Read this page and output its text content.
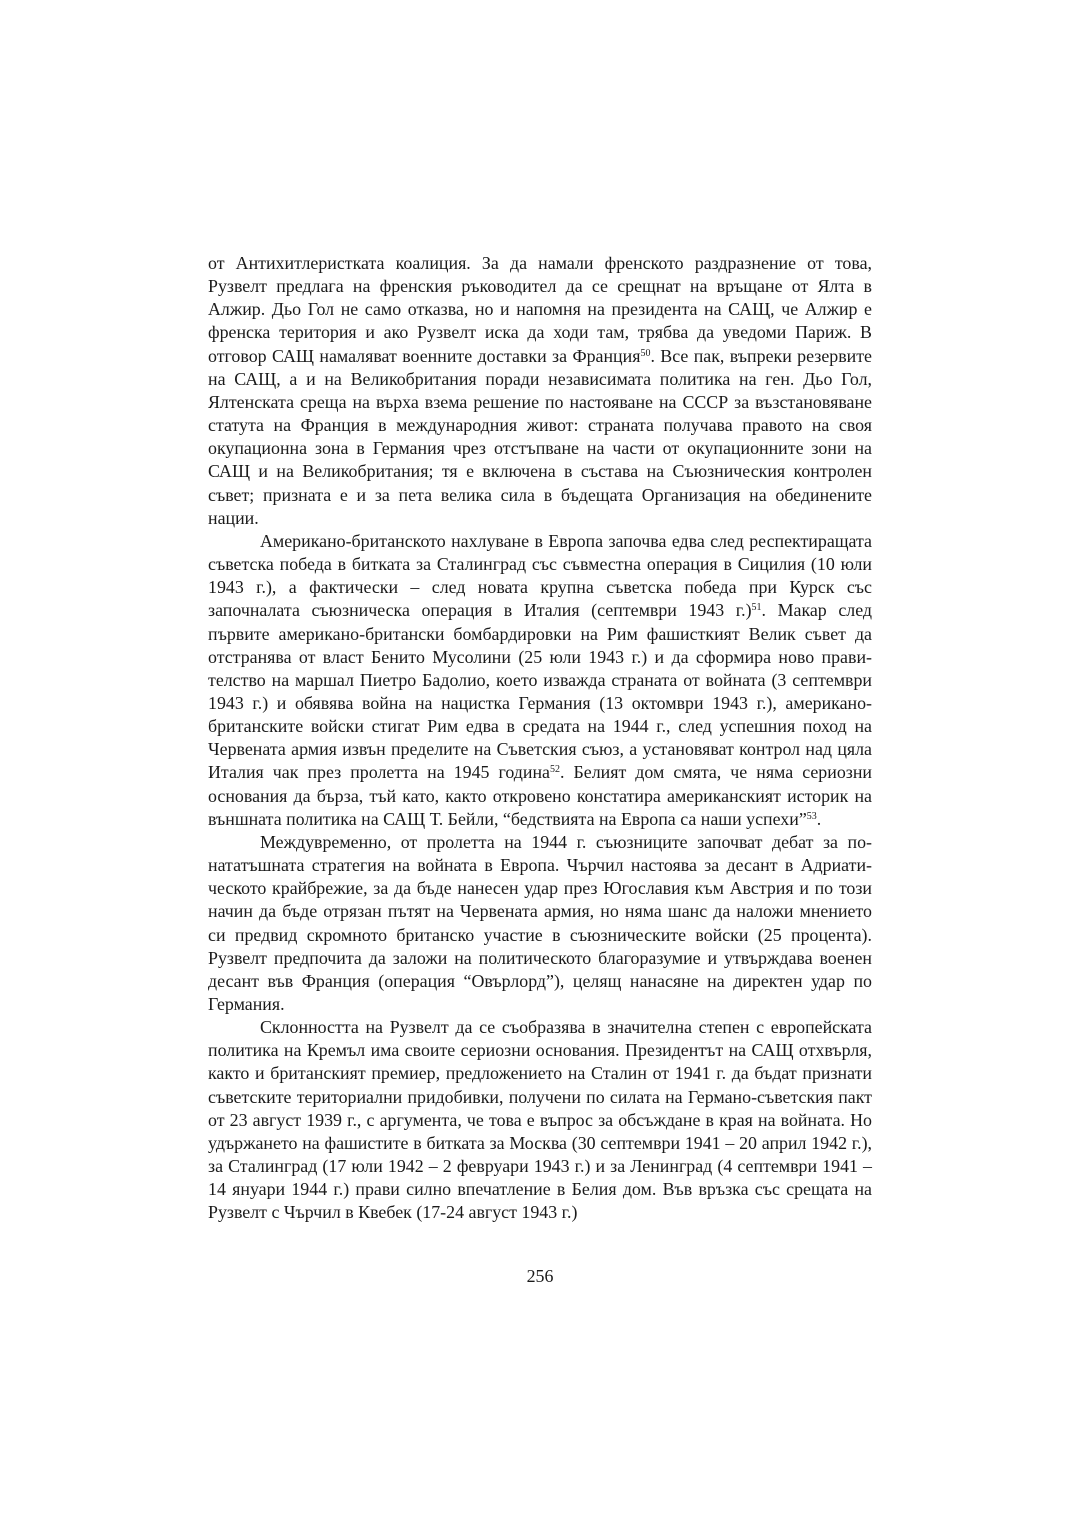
от Антихитлеристката коалиция. За да намали френското раздразнение от това, Рузвелт предлага на френския ръководител да се срещнат на връщане от Ялта в Алжир. Дьо Гол не само отказва, но и напомня на президента на САЩ, че Алжир е френска територия и ако Рузвелт иска да ходи там, трябва да уведоми Париж. В отговор САЩ намаляват военните доставки за Франция$^{50}$. Все пак, въпреки резервите на САЩ, а и на Великобритания поради независимата политика на ген. Дьо Гол, Ялтенската среща на върха взема решение по настояване на СССР за възстановяване статута на Франция в международния живот: страната получава правото на своя окупационна зона в Германия чрез отстъпване на части от окупационните зони на САЩ и на Великобритания; тя е включена в състава на Съюзническия контролен съвет; призната е и за пета велика сила в бъдещата Организация на обединените нации.

Американо-британското нахлуване в Европа започва едва след респектиращата съветска победа в битката за Сталинград със съвместна операция в Сицилия (10 юли 1943 г.), а фактически – след новата крупна съветска победа при Курск със започналата съюзническа операция в Италия (септември 1943 г.)$^{51}$. Макар след първите американо-британски бомбардировки на Рим фашисткият Велик съвет да отстранява от власт Бенито Мусолини (25 юли 1943 г.) и да сформира ново правителство на маршал Пиетро Бадолио, което изважда страната от войната (3 септември 1943 г.) и обявява война на нацистка Германия (13 октомври 1943 г.), американо-британските войски стигат Рим едва в средата на 1944 г., след успешния поход на Червената армия извън пределите на Съветския съюз, а установяват контрол над цяла Италия чак през пролетта на 1945 година$^{52}$. Белият дом смята, че няма сериозни основания да бърза, тъй като, както откровено констатира американският историк на външната политика на САЩ Т. Бейли, “бедствията на Европа са наши успехи”$^{53}$.

Междувременно, от пролетта на 1944 г. съюзниците започват дебат за понататъшната стратегия на войната в Европа. Чърчил настоява за десант в Адриатическото крайбрежие, за да бъде нанесен удар през Югославия към Австрия и по този начин да бъде отрязан пътят на Червената армия, но няма шанс да наложи мнението си предвид скромното британско участие в съюзническите войски (25 процента). Рузвелт предпочита да заложи на политическото благоразумие и утвърждава военен десант във Франция (операция “Овърлорд”), целящ нанасяне на директен удар по Германия.

Склонността на Рузвелт да се съобразява в значителна степен с европейската политика на Кремъл има своите сериозни основания. Президентът на САЩ отхвърля, както и британският премиер, предложението на Сталин от 1941 г. да бъдат признати съветските териториални придобивки, получени по силата на Германо-съветския пакт от 23 август 1939 г., с аргумента, че това е въпрос за обсъждане в края на войната. Но удържането на фашистите в битката за Москва (30 септември 1941 – 20 април 1942 г.), за Сталинград (17 юли 1942 – 2 февруари 1943 г.) и за Ленинград (4 септември 1941 – 14 януари 1944 г.) прави силно впечатление в Белия дом. Във връзка със срещата на Рузвелт с Чърчил в Квебек (17-24 август 1943 г.)

256
